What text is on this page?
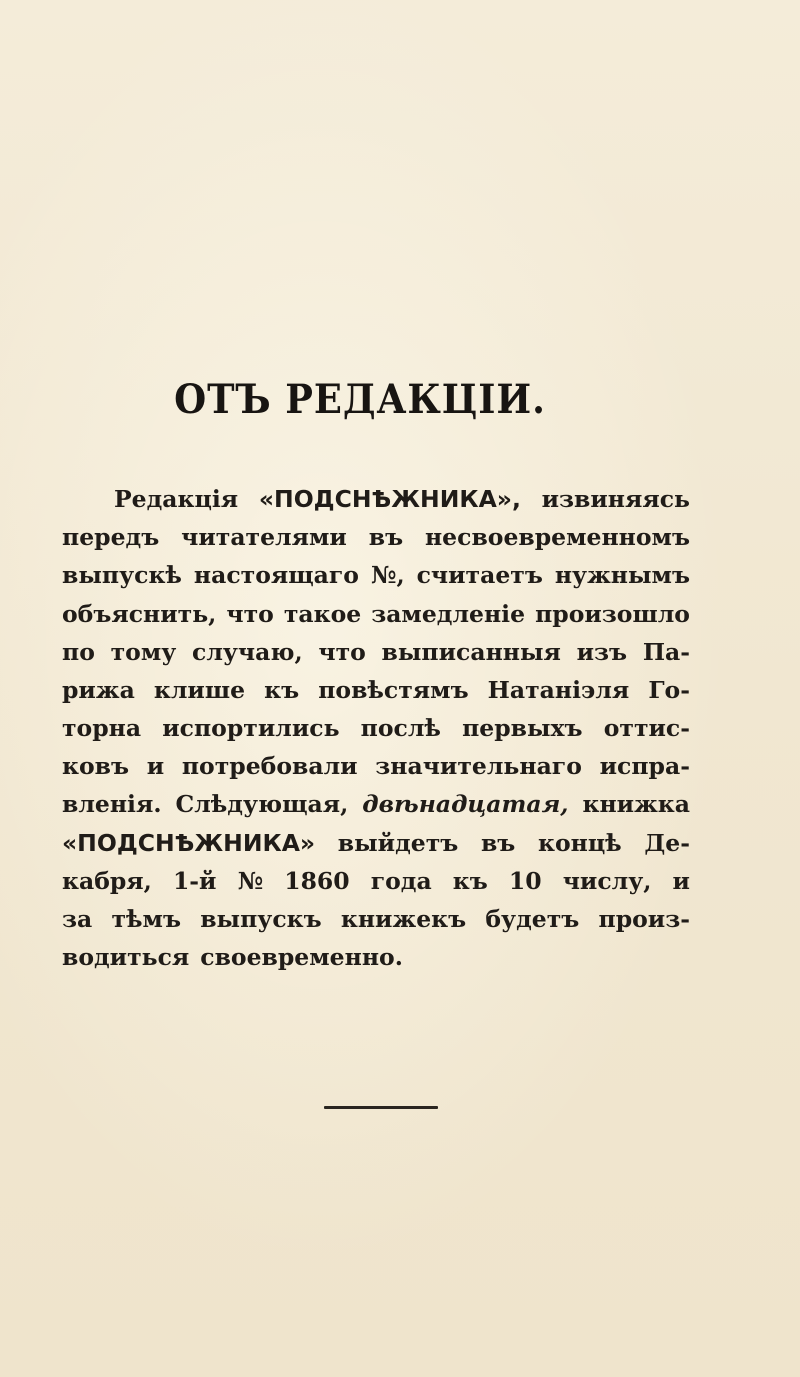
ОТЪ РЕДАКЦІИ.
Редакція «ПОДСНѢЖНИКА», извиняясь
передъ читателями въ несвоевременномъ
выпускѣ настоящаго №, считаетъ нужнымъ
объяснить, что такое замедленіе произошло
по тому случаю, что выписанныя изъ Па-
рижа клише къ повѣстямъ Натаніэля Го-
торна испортились послѣ первыхъ оттис-
ковъ и потребовали значительнаго испра-
вленія. Слѣдующая, двѣнадцатая, книжка
«ПОДСНѢЖНИКА» выйдетъ въ концѣ Де-
кабря, 1-й № 1860 года къ 10 числу, и
за тѣмъ выпускъ книжекъ будетъ произ-
водиться своевременно.
